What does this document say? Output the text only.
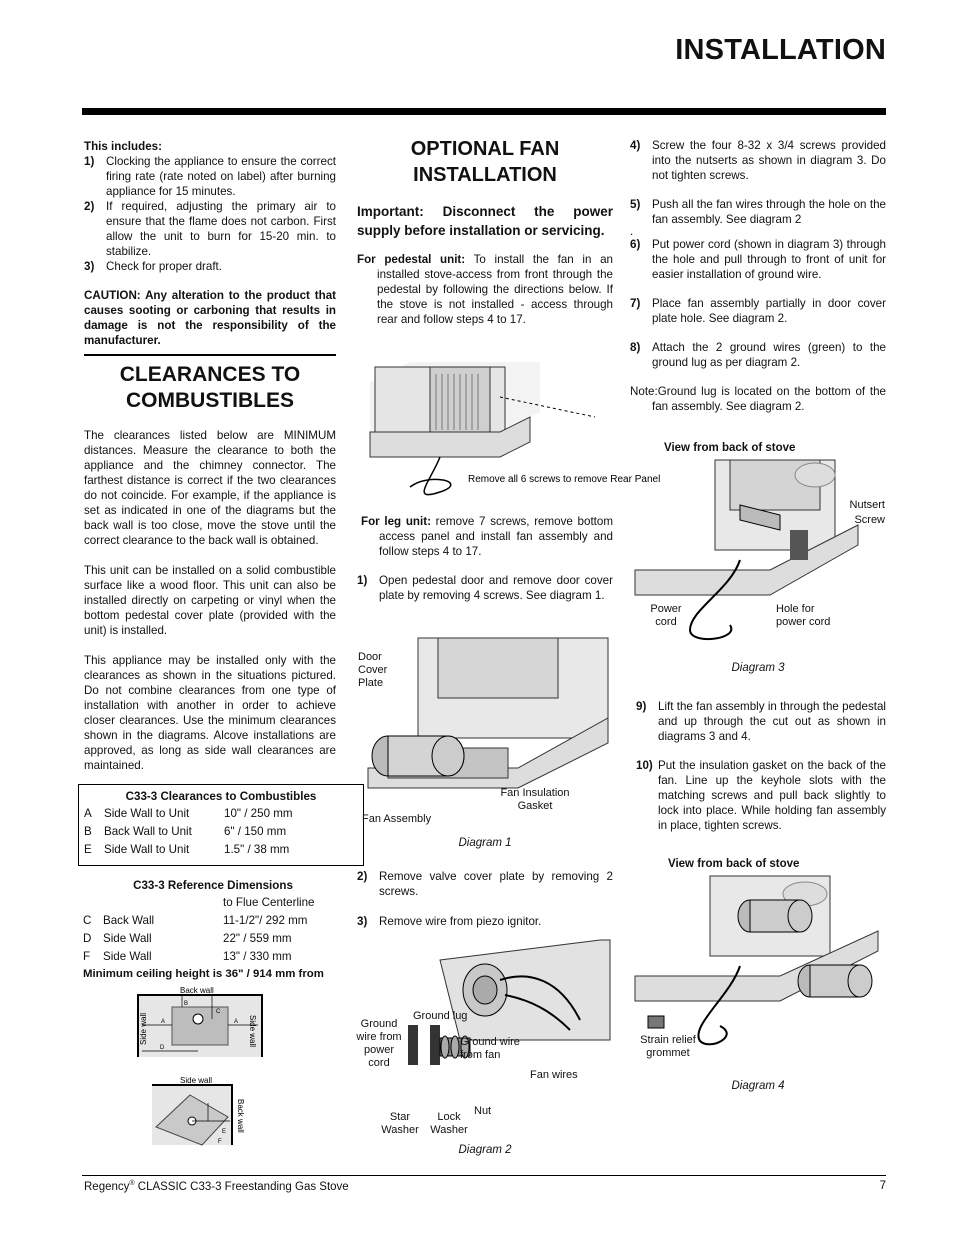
INSTALLATION

This includes:

1)	Clocking the appliance to ensure the correct firing rate (rate noted on label) after burning appliance for 15 minutes.
2)	If required, adjusting the primary air to ensure that the flame does not carbon. First allow the unit to burn for 15-20 min. to stabilize.
3)	Check for proper draft.

CAUTION: Any alteration to the product that causes sooting or carboning that results in damage is not the responsibility of the manufacturer.

CLEARANCES TO
COMBUSTIBLES

The clearances listed below are MINIMUM distances. Measure the clearance to both the appliance and the chimney connector. The farthest distance is correct if the two clearances do not coincide. For example, if the appliance is set as indicated in one of the diagrams but the back wall is too close, move the stove until the correct clearance to the back wall is obtained.

This unit can be installed on a solid combustible surface like a wood floor. This unit can also be installed directly on carpeting or vinyl when the bottom pedestal cover plate (provided with the unit) is installed.

This appliance may be installed only with the clearances as shown in the situations pictured. Do not combine clearances from one type of installation with another in order to achieve closer clearances. Use the minimum clearances shown in the diagrams. Alcove installations are approved, as long as side wall clearances are maintained.

C33-3 Clearances to Combustibles
A	Side Wall to Unit	10" / 250 mm
B	Back Wall to Unit	6" / 150 mm
E	Side Wall to Unit	1.5" / 38 mm
C33-3 Reference Dimensions
to Flue Centerline
C	Back Wall	11-1/2"/ 292 mm
D	Side Wall	22" / 559 mm
F	Side Wall	13" / 330 mm
Minimum ceiling height is 36" / 914 mm from
Back wall
Side wall	Side wall
A	A
B
C
D
Side wall
Back wall
E
F
OPTIONAL FAN
INSTALLATION

Important: Disconnect the power supply before installation or servicing.

For pedestal unit: To install the fan in an installed stove-access from front through the pedestal by following the directions below. If the stove is not installed - access through rear and follow steps 4 to 17.

Remove all 6 screws to remove Rear Panel

For leg unit: remove 7 screws, remove bottom access panel and install fan assembly and follow steps 4 to 17.

1)	Open pedestal door and remove door cover plate by removing 4 screws. See diagram 1.
Door Cover Plate
Fan Insulation Gasket
Fan Assembly
Diagram 1
2)	Remove valve cover plate by removing 2 screws.
3)	Remove wire from piezo ignitor.
Ground lug
Ground wire from power cord
Ground wire from fan
Fan wires
Star Washer
Lock Washer
Nut
Diagram 2
4)	Screw the four 8-32 x 3/4 screws provided into the nutserts as shown in diagram 3. Do not tighten screws.
5)	Push all the fan wires through the hole on the fan assembly. See diagram 2
.
6)	Put power cord (shown in diagram 3) through the hole and pull through to front of unit for easier installation of ground wire.
7)	Place fan assembly partially in door cover plate hole. See diagram 2.
8)	Attach the 2 ground wires (green) to the ground lug as per diagram 2.

Note:Ground lug is located on the bottom of the fan assembly. See diagram 2.

View from back of stove
Nutsert Screw
Power cord
Hole for power cord
Diagram 3
9)	Lift the fan assembly in through the pedestal and up through the cut out as shown in diagrams 3 and 4.
10) Put the insulation gasket on the back of the fan. Line up the keyhole slots with the matching screws and pull back slightly to lock into place. While holding fan assembly in place, tighten screws.
View from back of stove
Strain relief grommet
Diagram 4
Regency® CLASSIC C33-3 Freestanding Gas Stove	7
